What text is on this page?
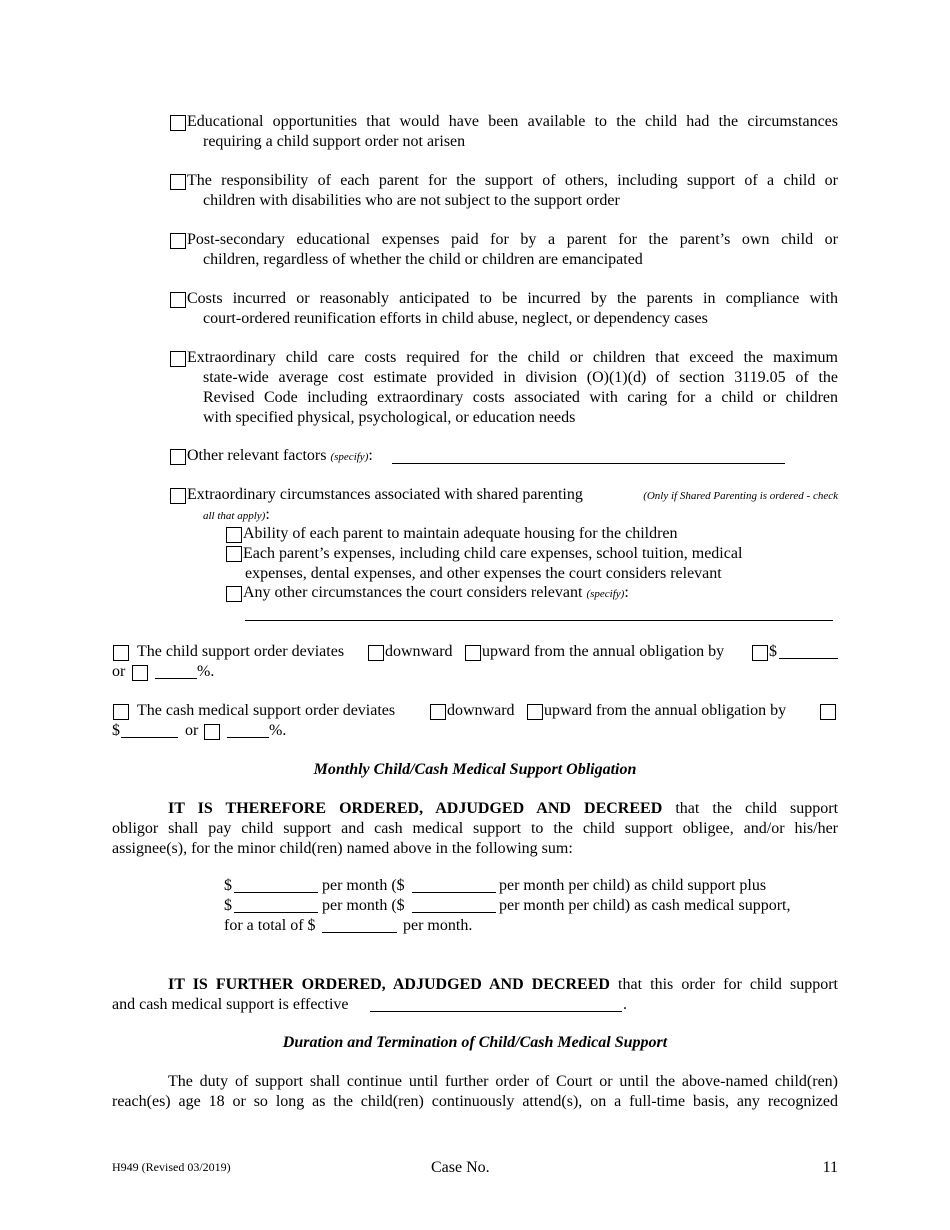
Educational opportunities that would have been available to the child had the circumstances
requiring a child support order not arisen
The responsibility of each parent for the support of others, including support of a child or
children with disabilities who are not subject to the support order
Post-secondary educational expenses paid for by a parent for the parent’s own child or
children, regardless of whether the child or children are emancipated
Costs incurred or reasonably anticipated to be incurred by the parents in compliance with
court-ordered reunification efforts in child abuse, neglect, or dependency cases
Extraordinary child care costs required for the child or children that exceed the maximum
state-wide average cost estimate provided in division (O)(1)(d) of section 3119.05 of the
Revised Code including extraordinary costs associated with caring for a child or children
with specified physical, psychological, or education needs
Other relevant factors (specify):
Extraordinary circumstances associated with shared parenting	(Only if Shared Parenting is ordered - check
all that apply):
Ability of each parent to maintain adequate housing for the children
Each parent’s expenses, including child care expenses, school tuition, medical
expenses, dental expenses, and other expenses the court considers relevant
Any other circumstances the court considers relevant (specify):
The child support order deviates	downward upward from the annual obligation by	$
or	%.
The cash medical support order deviates	downward upward from the annual obligation by
$	or	%.
Monthly Child/Cash Medical Support Obligation
IT IS THEREFORE ORDERED, ADJUDGED AND DECREED that the child support
obligor shall pay child support and cash medical support to the child support obligee, and/or his/her
assignee(s), for the minor child(ren) named above in the following sum:
$	per month ($	per month per child) as child support plus
$	per month ($	per month per child) as cash medical support,
for a total of $	per month.
IT IS FURTHER ORDERED, ADJUDGED AND DECREED that this order for child support
and cash medical support is effective	.
Duration and Termination of Child/Cash Medical Support
The duty of support shall continue until further order of Court or until the above-named child(ren)
reach(es) age 18 or so long as the child(ren) continuously attend(s), on a full-time basis, any recognized
H949 (Revised 03/2019)	Case No.	11
